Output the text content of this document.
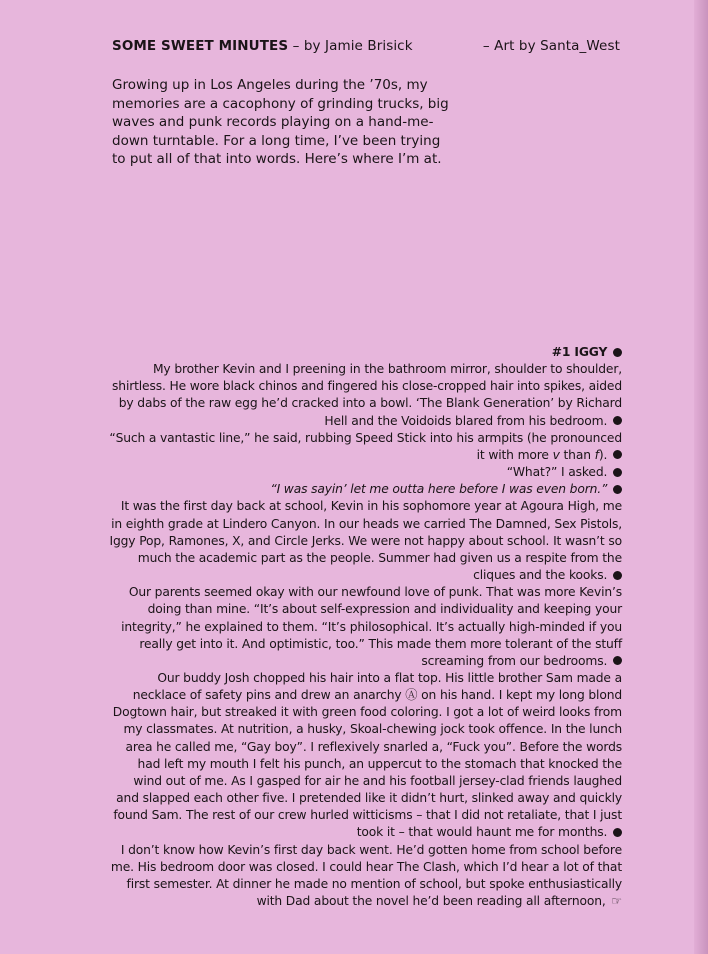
SOME SWEET MINUTES – by Jamie Brisick	– Art by Santa_West

Growing up in Los Angeles during the ’70s, my memories are a cacophony of grinding trucks, big waves and punk records playing on a hand-me-down turntable. For a long time, I’ve been trying to put all of that into words. Here’s where I’m at.

#1 IGGY

My brother Kevin and I preening in the bathroom mirror, shoulder to shoulder, shirtless. He wore black chinos and fingered his close-cropped hair into spikes, aided by dabs of the raw egg he’d cracked into a bowl. ‘The Blank Generation’ by Richard Hell and the Voidoids blared from his bedroom.

“Such a vantastic line,” he said, rubbing Speed Stick into his armpits (he pronounced it with more v than f).

“What?” I asked.

“I was sayin’ let me outta here before I was even born.”

It was the first day back at school, Kevin in his sophomore year at Agoura High, me in eighth grade at Lindero Canyon. In our heads we carried The Damned, Sex Pistols, Iggy Pop, Ramones, X, and Circle Jerks. We were not happy about school. It wasn’t so much the academic part as the people. Summer had given us a respite from the cliques and the kooks.

Our parents seemed okay with our newfound love of punk. That was more Kevin’s doing than mine. “It’s about self-expression and individuality and keeping your integrity,” he explained to them. “It’s philosophical. It’s actually high-minded if you really get into it. And optimistic, too.” This made them more tolerant of the stuff screaming from our bedrooms.

Our buddy Josh chopped his hair into a flat top. His little brother Sam made a necklace of safety pins and drew an anarchy Ⓐ on his hand. I kept my long blond Dogtown hair, but streaked it with green food coloring. I got a lot of weird looks from my classmates. At nutrition, a husky, Skoal-chewing jock took offence. In the lunch area he called me, “Gay boy”. I reflexively snarled a, “Fuck you”. Before the words had left my mouth I felt his punch, an uppercut to the stomach that knocked the wind out of me. As I gasped for air he and his football jersey-clad friends laughed and slapped each other five. I pretended like it didn’t hurt, slinked away and quickly found Sam. The rest of our crew hurled witticisms – that I did not retaliate, that I just took it – that would haunt me for months.

I don’t know how Kevin’s first day back went. He’d gotten home from school before me. His bedroom door was closed. I could hear The Clash, which I’d hear a lot of that first semester. At dinner he made no mention of school, but spoke enthusiastically with Dad about the novel he’d been reading all afternoon, ☞
